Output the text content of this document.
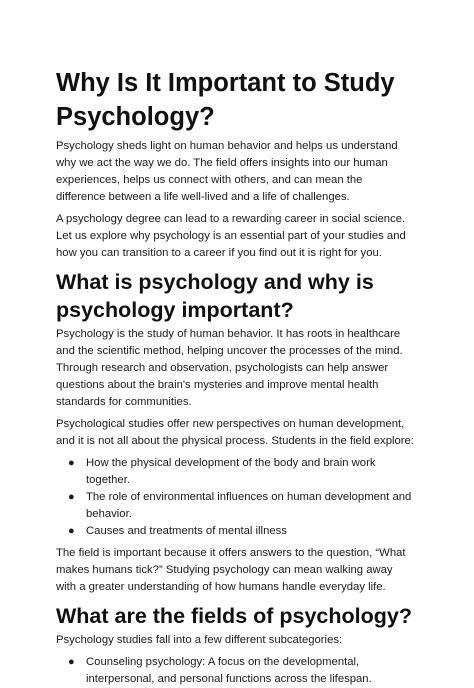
Why Is It Important to Study Psychology?

Psychology sheds light on human behavior and helps us understand why we act the way we do. The field offers insights into our human experiences, helps us connect with others, and can mean the difference between a life well-lived and a life of challenges.

A psychology degree can lead to a rewarding career in social science. Let us explore why psychology is an essential part of your studies and how you can transition to a career if you find out it is right for you.

What is psychology and why is psychology important?

Psychology is the study of human behavior. It has roots in healthcare and the scientific method, helping uncover the processes of the mind. Through research and observation, psychologists can help answer questions about the brain's mysteries and improve mental health standards for communities.

Psychological studies offer new perspectives on human development, and it is not all about the physical process. Students in the field explore:

● How the physical development of the body and brain work together.
● The role of environmental influences on human development and behavior.
● Causes and treatments of mental illness

The field is important because it offers answers to the question, “What makes humans tick?” Studying psychology can mean walking away with a greater understanding of how humans handle everyday life.

What are the fields of psychology?

Psychology studies fall into a few different subcategories:

● Counseling psychology: A focus on the developmental, interpersonal, and personal functions across the lifespan.
